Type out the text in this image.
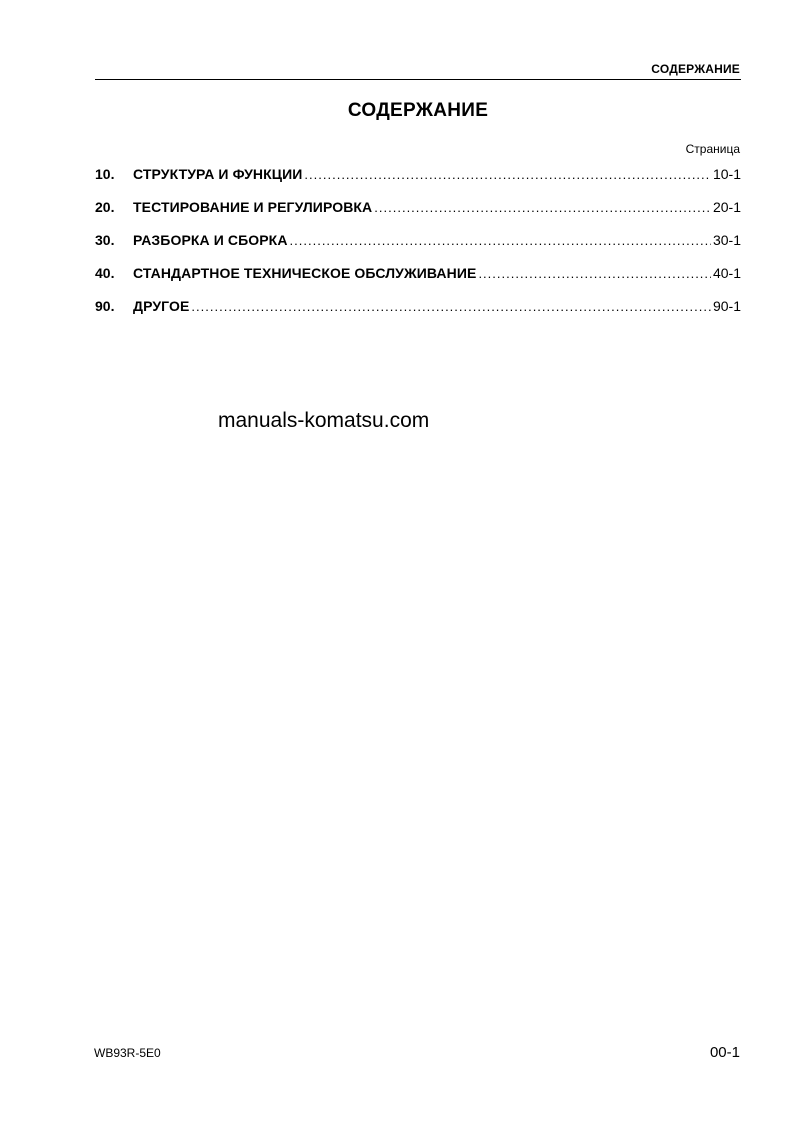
СОДЕРЖАНИЕ
СОДЕРЖАНИЕ
Страница
10.	СТРУКТУРА И ФУНКЦИИ .....	10-1
20.	ТЕСТИРОВАНИЕ И РЕГУЛИРОВКА .....	20-1
30.	РАЗБОРКА И СБОРКА .....	30-1
40.	СТАНДАРТНОЕ ТЕХНИЧЕСКОЕ ОБСЛУЖИВАНИЕ .....	40-1
90.	ДРУГОЕ .....	90-1
manuals-komatsu.com
WB93R-5E0	00-1
